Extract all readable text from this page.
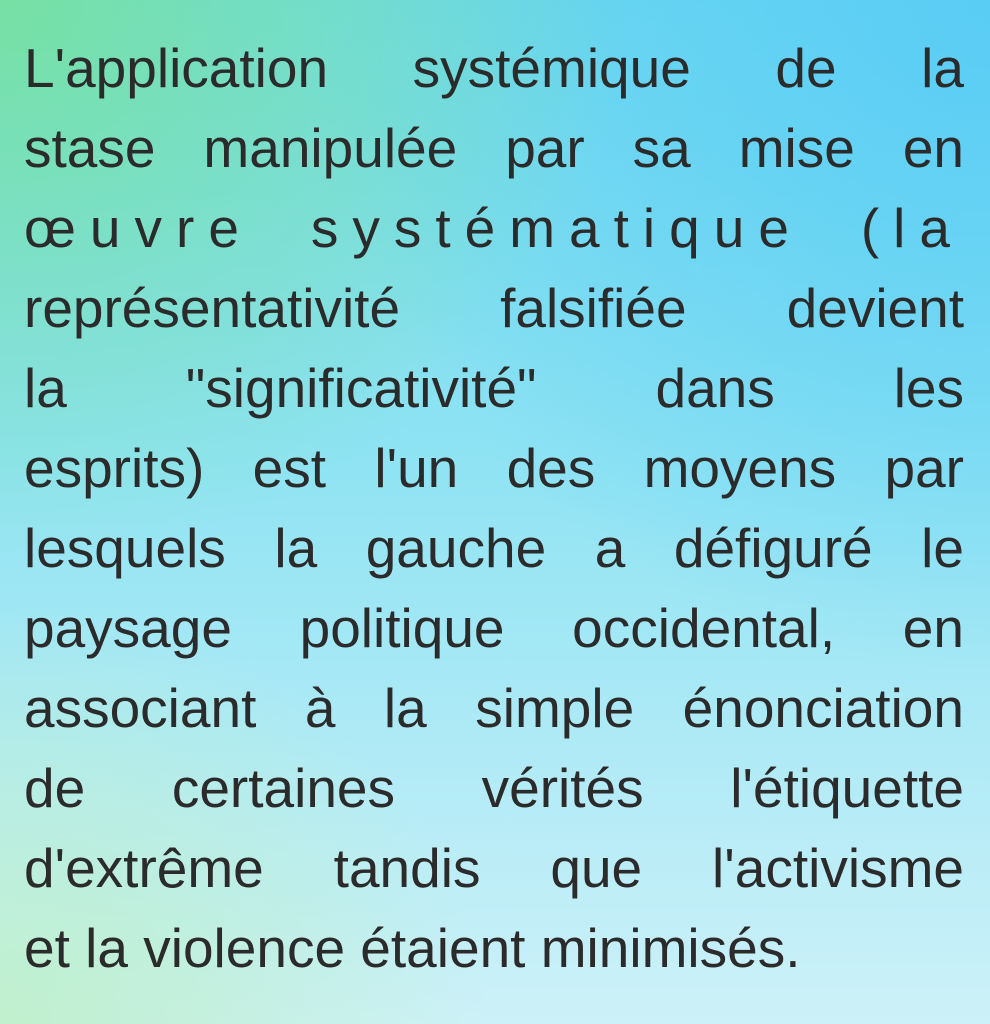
L'application systémique de la
stase manipulée par sa mise en
œuvre systématique (la
représentativité falsifiée devient
la "significativité" dans les
esprits) est l'un des moyens par
lesquels la gauche a défiguré le
paysage politique occidental, en
associant à la simple énonciation
de certaines vérités l'étiquette
d'extrême tandis que l'activisme
et la violence étaient minimisés.
